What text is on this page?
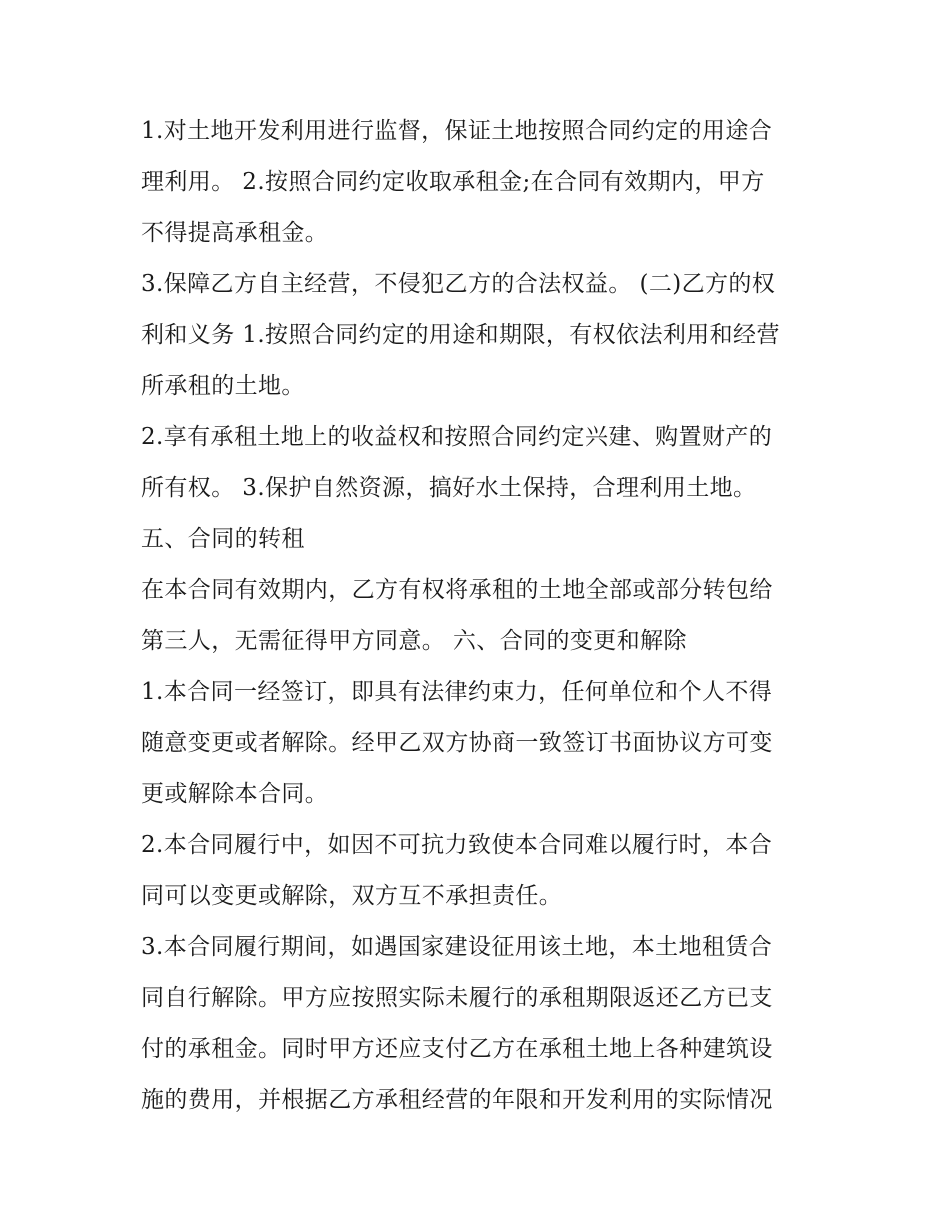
1.对土地开发利用进行监督，保证土地按照合同约定的用途合
理利用。 2.按照合同约定收取承租金;在合同有效期内，甲方
不得提高承租金。
3.保障乙方自主经营，不侵犯乙方的合法权益。 (二)乙方的权
利和义务 1.按照合同约定的用途和期限，有权依法利用和经营
所承租的土地。
2.享有承租土地上的收益权和按照合同约定兴建、购置财产的
所有权。 3.保护自然资源，搞好水土保持，合理利用土地。
五、合同的转租
在本合同有效期内，乙方有权将承租的土地全部或部分转包给
第三人，无需征得甲方同意。 六、合同的变更和解除
1.本合同一经签订，即具有法律约束力，任何单位和个人不得
随意变更或者解除。经甲乙双方协商一致签订书面协议方可变
更或解除本合同。
2.本合同履行中，如因不可抗力致使本合同难以履行时，本合
同可以变更或解除，双方互不承担责任。
3.本合同履行期间，如遇国家建设征用该土地，本土地租赁合
同自行解除。甲方应按照实际未履行的承租期限返还乙方已支
付的承租金。同时甲方还应支付乙方在承租土地上各种建筑设
施的费用，并根据乙方承租经营的年限和开发利用的实际情况
